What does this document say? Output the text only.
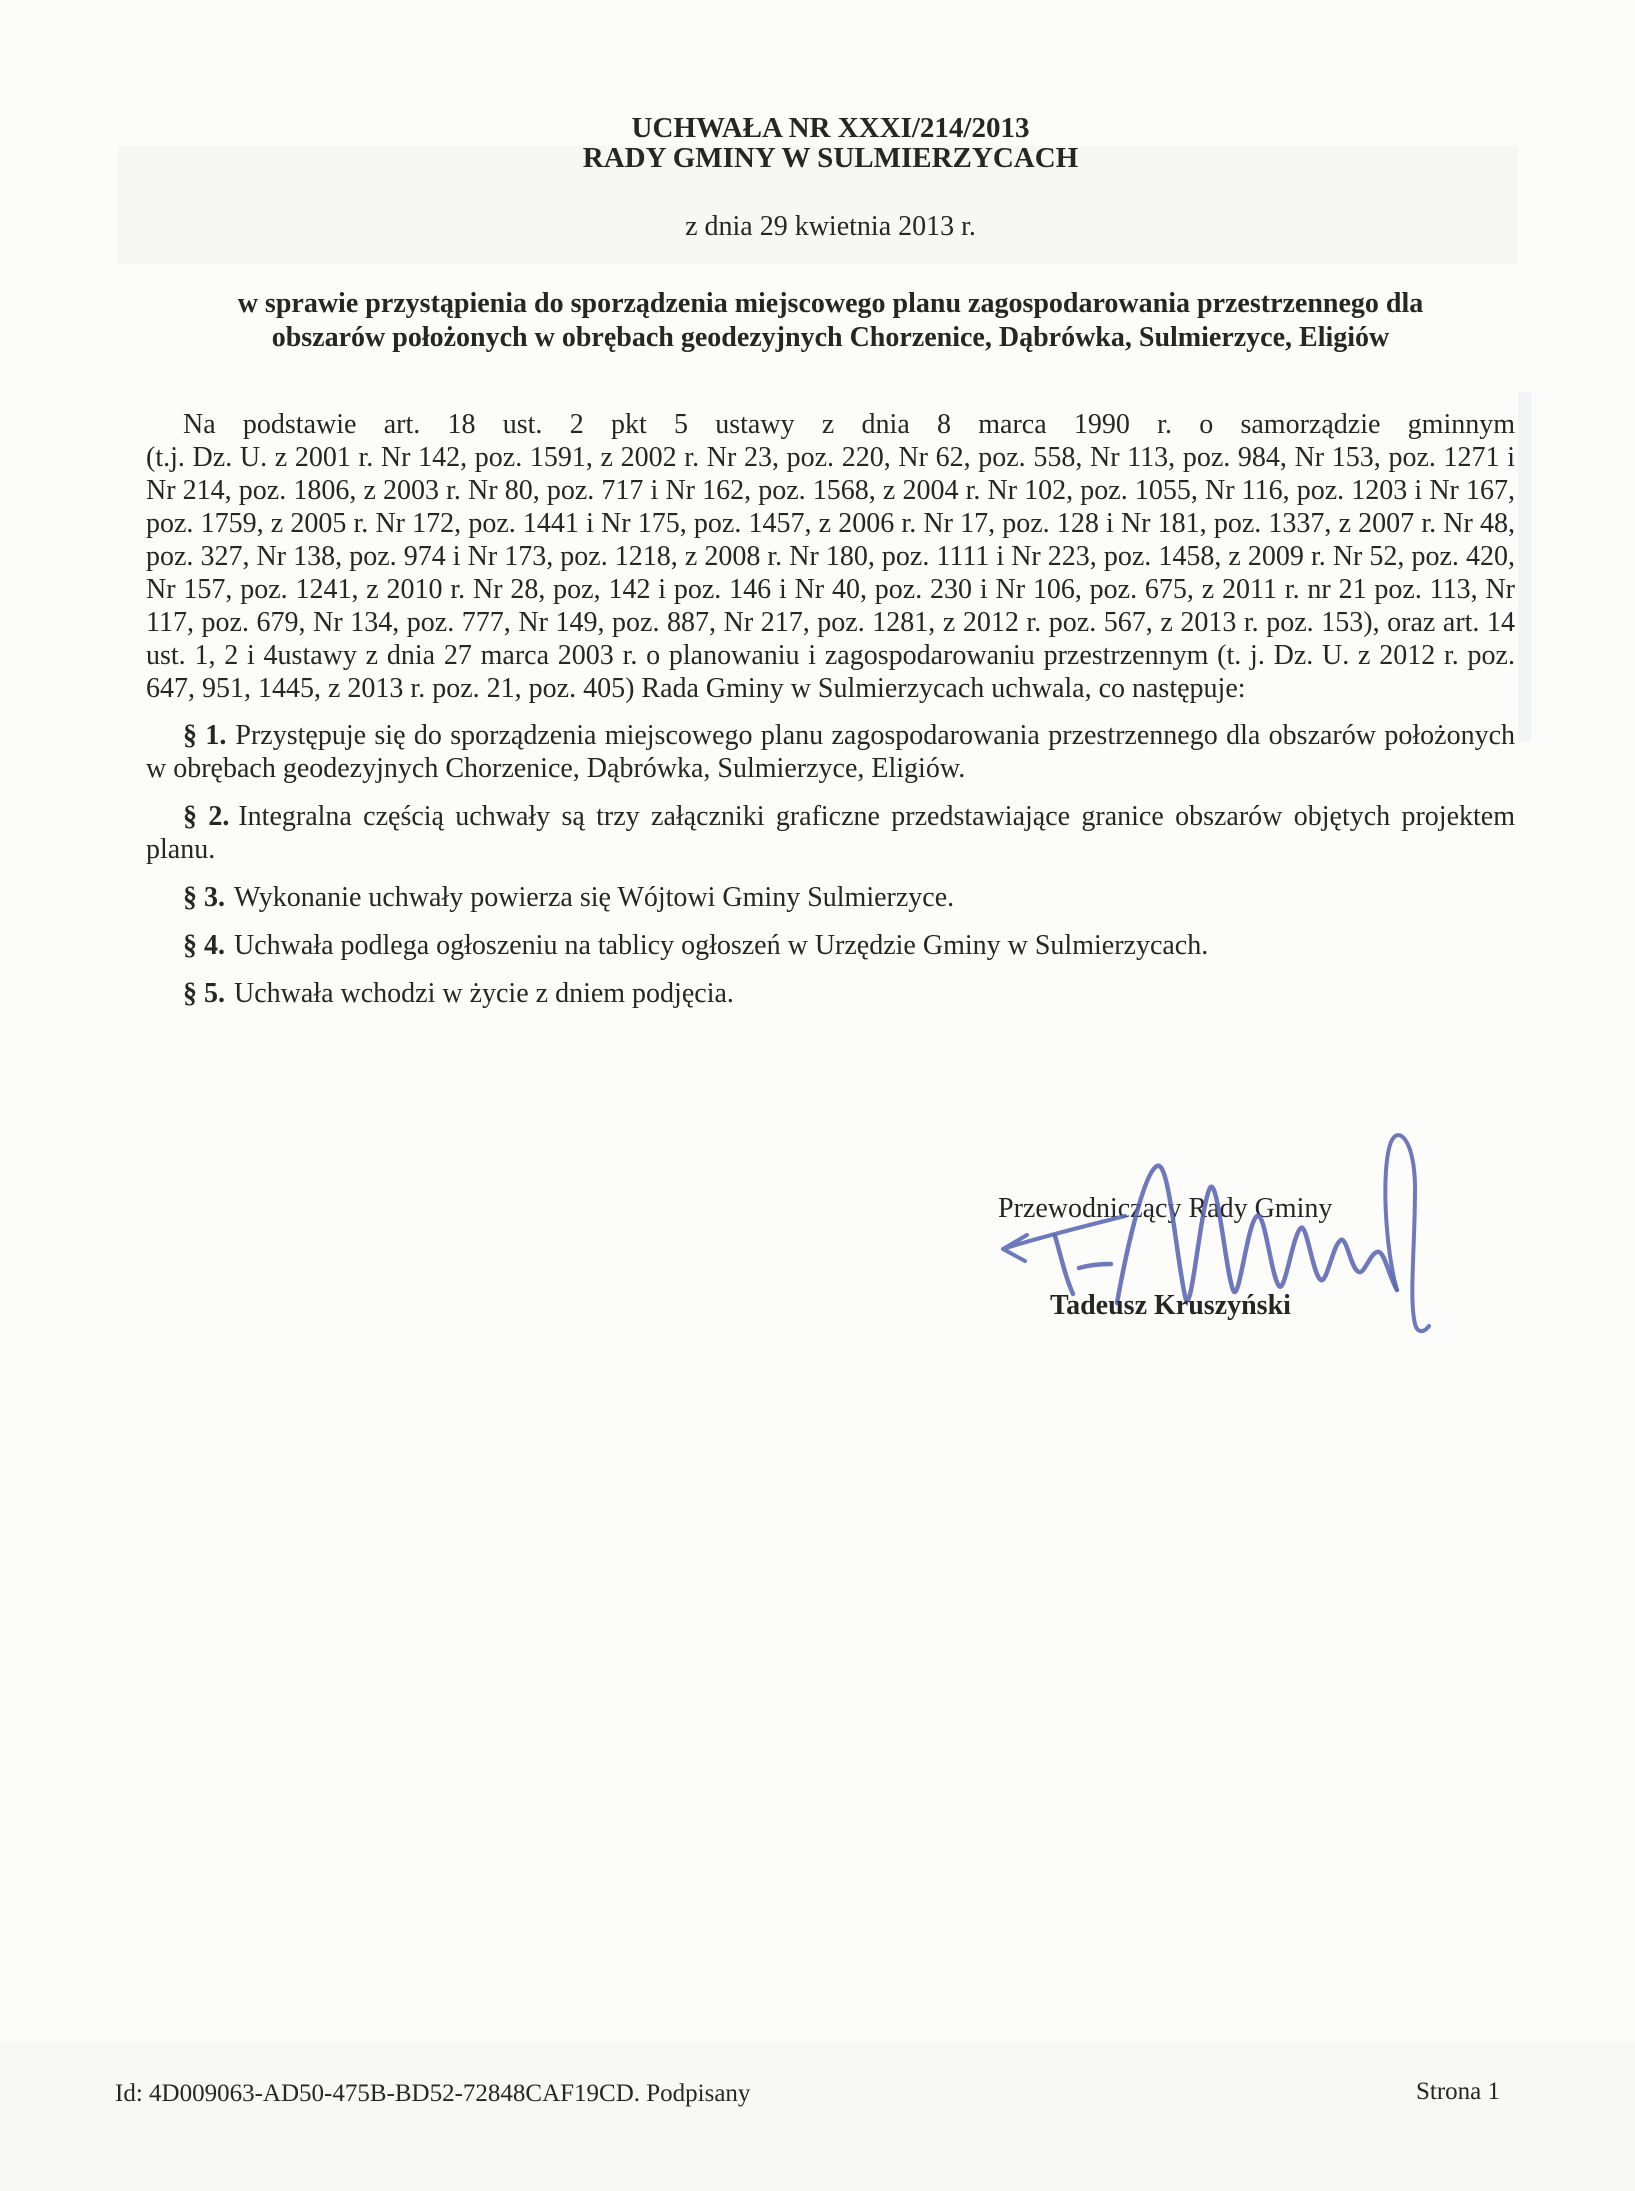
UCHWAŁA NR XXXI/214/2013
RADY GMINY W SULMIERZYCACH
z dnia 29 kwietnia 2013 r.
w sprawie przystąpienia do sporządzenia miejscowego planu zagospodarowania przestrzennego dla
obszarów położonych w obrębach geodezyjnych Chorzenice, Dąbrówka, Sulmierzyce, Eligiów
Na podstawie art. 18 ust. 2 pkt 5 ustawy z dnia 8 marca 1990 r. o samorządzie gminnym

(t.j. Dz. U. z 2001 r. Nr 142, poz. 1591, z 2002 r. Nr 23, poz. 220, Nr 62, poz. 558, Nr 113, poz. 984, Nr 153, poz. 1271 i Nr 214, poz. 1806, z 2003 r. Nr 80, poz. 717 i Nr 162, poz. 1568, z 2004 r. Nr 102, poz. 1055, Nr 116, poz. 1203 i Nr 167, poz. 1759, z 2005 r. Nr 172, poz. 1441 i Nr 175, poz. 1457, z 2006 r. Nr 17, poz. 128 i Nr 181, poz. 1337, z 2007 r. Nr 48, poz. 327, Nr 138, poz. 974 i Nr 173, poz. 1218, z 2008 r. Nr 180, poz. 1111 i Nr 223, poz. 1458, z 2009 r. Nr 52, poz. 420, Nr 157, poz. 1241, z 2010 r. Nr 28, poz, 142 i poz. 146 i Nr 40, poz. 230 i Nr 106, poz. 675, z 2011 r. nr 21 poz. 113, Nr 117, poz. 679, Nr 134, poz. 777, Nr 149, poz. 887, Nr 217, poz. 1281, z 2012 r. poz. 567, z 2013 r. poz. 153), oraz art. 14 ust. 1, 2 i 4ustawy z dnia 27 marca 2003 r. o planowaniu i zagospodarowaniu przestrzennym (t. j. Dz. U. z 2012 r. poz. 647, 951, 1445, z 2013 r. poz. 21, poz. 405) Rada Gminy w Sulmierzycach uchwala, co następuje:

§ 1. Przystępuje się do sporządzenia miejscowego planu zagospodarowania przestrzennego dla obszarów położonych w obrębach geodezyjnych Chorzenice, Dąbrówka, Sulmierzyce, Eligiów.

§ 2. Integralna częścią uchwały są trzy załączniki graficzne przedstawiające granice obszarów objętych projektem planu.

§ 3. Wykonanie uchwały powierza się Wójtowi Gminy Sulmierzyce.

§ 4. Uchwała podlega ogłoszeniu na tablicy ogłoszeń w Urzędzie Gminy w Sulmierzycach.

§ 5. Uchwała wchodzi w życie z dniem podjęcia.

Przewodniczący Rady Gminy
Tadeusz Kruszyński
Id: 4D009063-AD50-475B-BD52-72848CAF19CD. Podpisany	Strona 1
